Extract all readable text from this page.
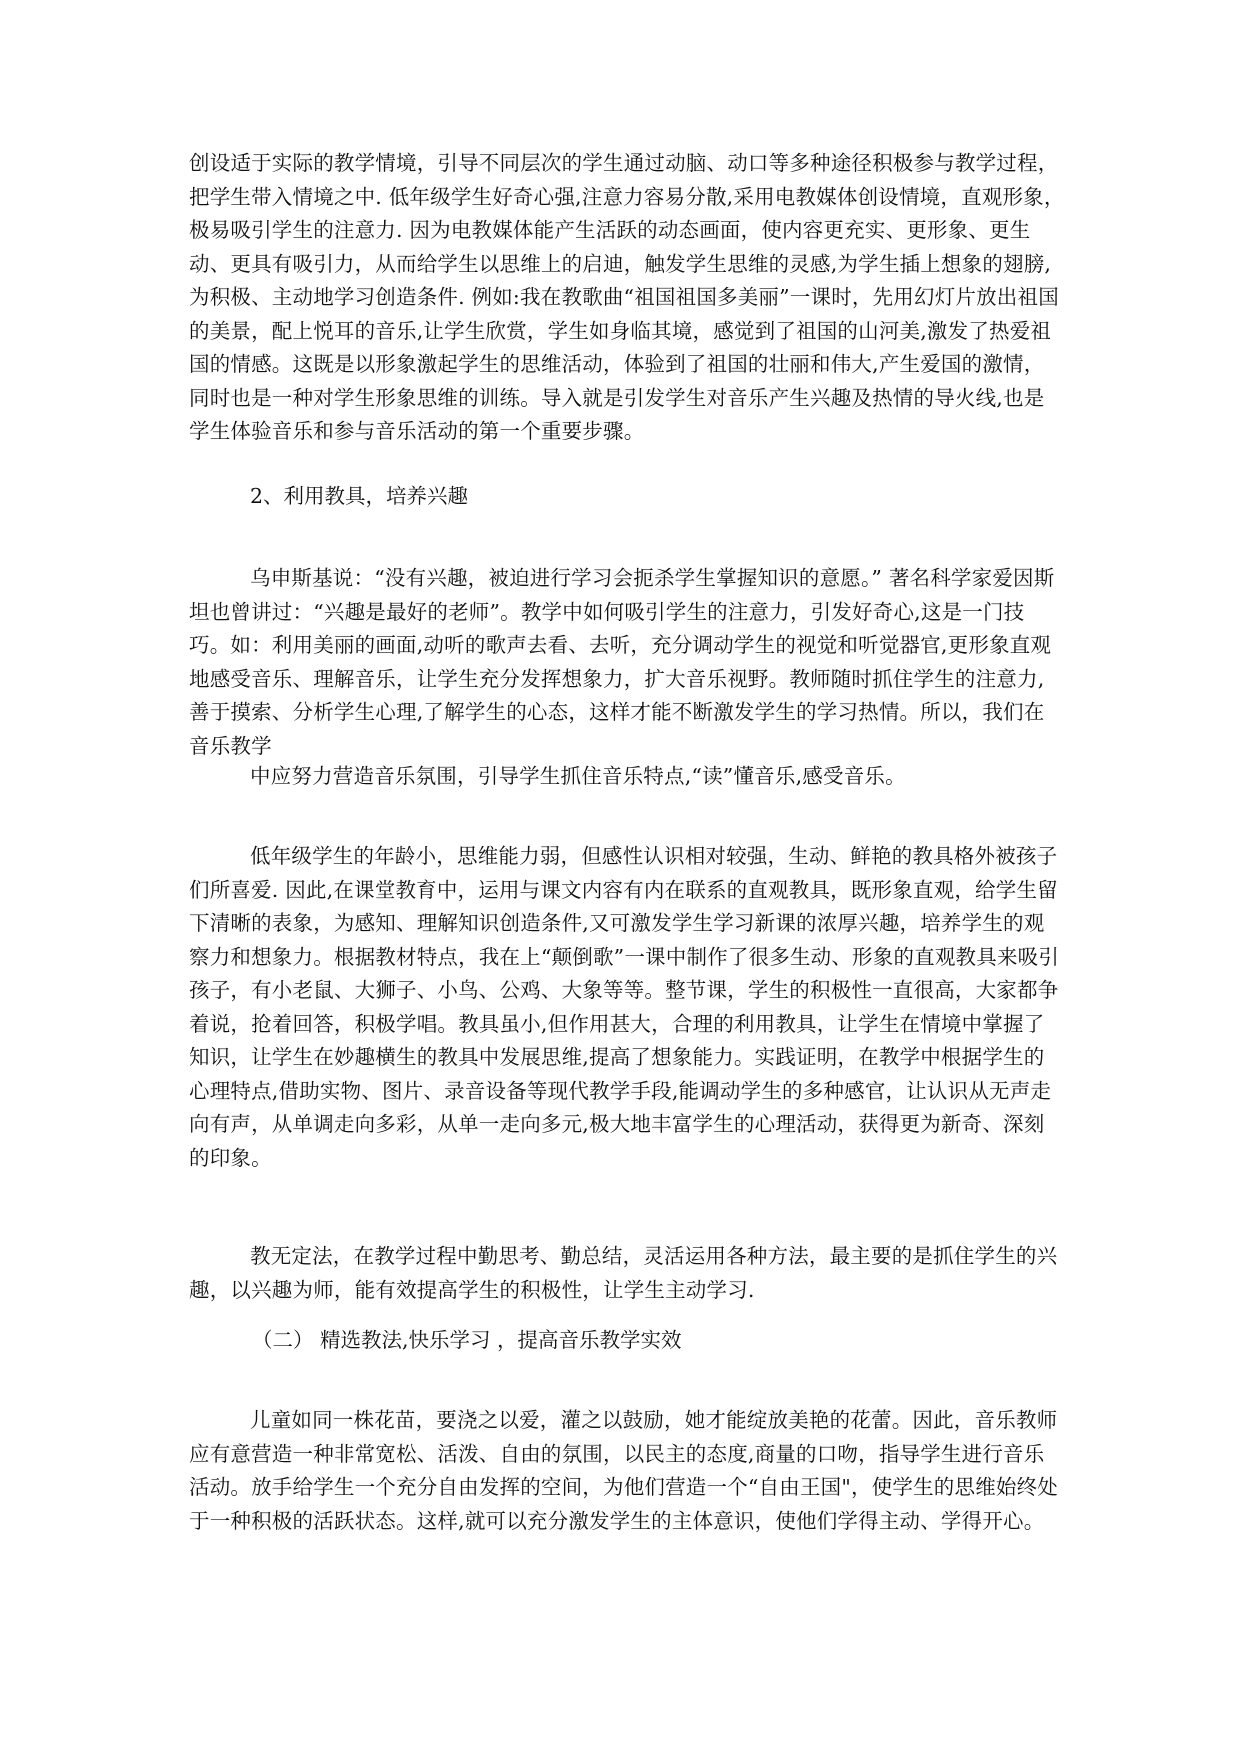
创设适于实际的教学情境，引导不同层次的学生通过动脑、动口等多种途径积极参与教学过程，把学生带入情境之中. 低年级学生好奇心强,注意力容易分散,采用电教媒体创设情境，直观形象，极易吸引学生的注意力. 因为电教媒体能产生活跃的动态画面，使内容更充实、更形象、更生动、更具有吸引力，从而给学生以思维上的启迪，触发学生思维的灵感,为学生插上想象的翅膀,为积极、主动地学习创造条件. 例如:我在教歌曲“祖国祖国多美丽”一课时，先用幻灯片放出祖国的美景，配上悦耳的音乐,让学生欣赏，学生如身临其境，感觉到了祖国的山河美,激发了热爱祖国的情感。这既是以形象激起学生的思维活动，体验到了祖国的壮丽和伟大,产生爱国的激情，同时也是一种对学生形象思维的训练。导入就是引发学生对音乐产生兴趣及热情的导火线,也是学生体验音乐和参与音乐活动的第一个重要步骤。

2、利用教具，培养兴趣

乌申斯基说：“没有兴趣，被迫进行学习会扼杀学生掌握知识的意愿。” 著名科学家爱因斯坦也曾讲过：“兴趣是最好的老师”。教学中如何吸引学生的注意力，引发好奇心,这是一门技巧。如：利用美丽的画面,动听的歌声去看、去听，充分调动学生的视觉和听觉器官,更形象直观地感受音乐、理解音乐，让学生充分发挥想象力，扩大音乐视野。教师随时抓住学生的注意力,善于摸索、分析学生心理,了解学生的心态，这样才能不断激发学生的学习热情。所以，我们在音乐教学

中应努力营造音乐氛围，引导学生抓住音乐特点,“读”懂音乐,感受音乐。

低年级学生的年龄小，思维能力弱，但感性认识相对较强，生动、鲜艳的教具格外被孩子们所喜爱. 因此,在课堂教育中，运用与课文内容有内在联系的直观教具，既形象直观，给学生留下清晰的表象，为感知、理解知识创造条件,又可激发学生学习新课的浓厚兴趣，培养学生的观察力和想象力。根据教材特点，我在上“颠倒歌”一课中制作了很多生动、形象的直观教具来吸引孩子，有小老鼠、大狮子、小鸟、公鸡、大象等等。整节课，学生的积极性一直很高，大家都争着说，抢着回答，积极学唱。教具虽小,但作用甚大，合理的利用教具，让学生在情境中掌握了知识，让学生在妙趣横生的教具中发展思维,提高了想象能力。实践证明，在教学中根据学生的心理特点,借助实物、图片、录音设备等现代教学手段,能调动学生的多种感官，让认识从无声走向有声，从单调走向多彩，从单一走向多元,极大地丰富学生的心理活动，获得更为新奇、深刻的印象。

教无定法，在教学过程中勤思考、勤总结，灵活运用各种方法，最主要的是抓住学生的兴趣，以兴趣为师，能有效提高学生的积极性，让学生主动学习.

（二） 精选教法,快乐学习 ，提高音乐教学实效

儿童如同一株花苗，要浇之以爱，灌之以鼓励，她才能绽放美艳的花蕾。因此，音乐教师应有意营造一种非常宽松、活泼、自由的氛围，以民主的态度,商量的口吻，指导学生进行音乐活动。放手给学生一个充分自由发挥的空间，为他们营造一个“自由王国"，使学生的思维始终处于一种积极的活跃状态。这样,就可以充分激发学生的主体意识，使他们学得主动、学得开心。
